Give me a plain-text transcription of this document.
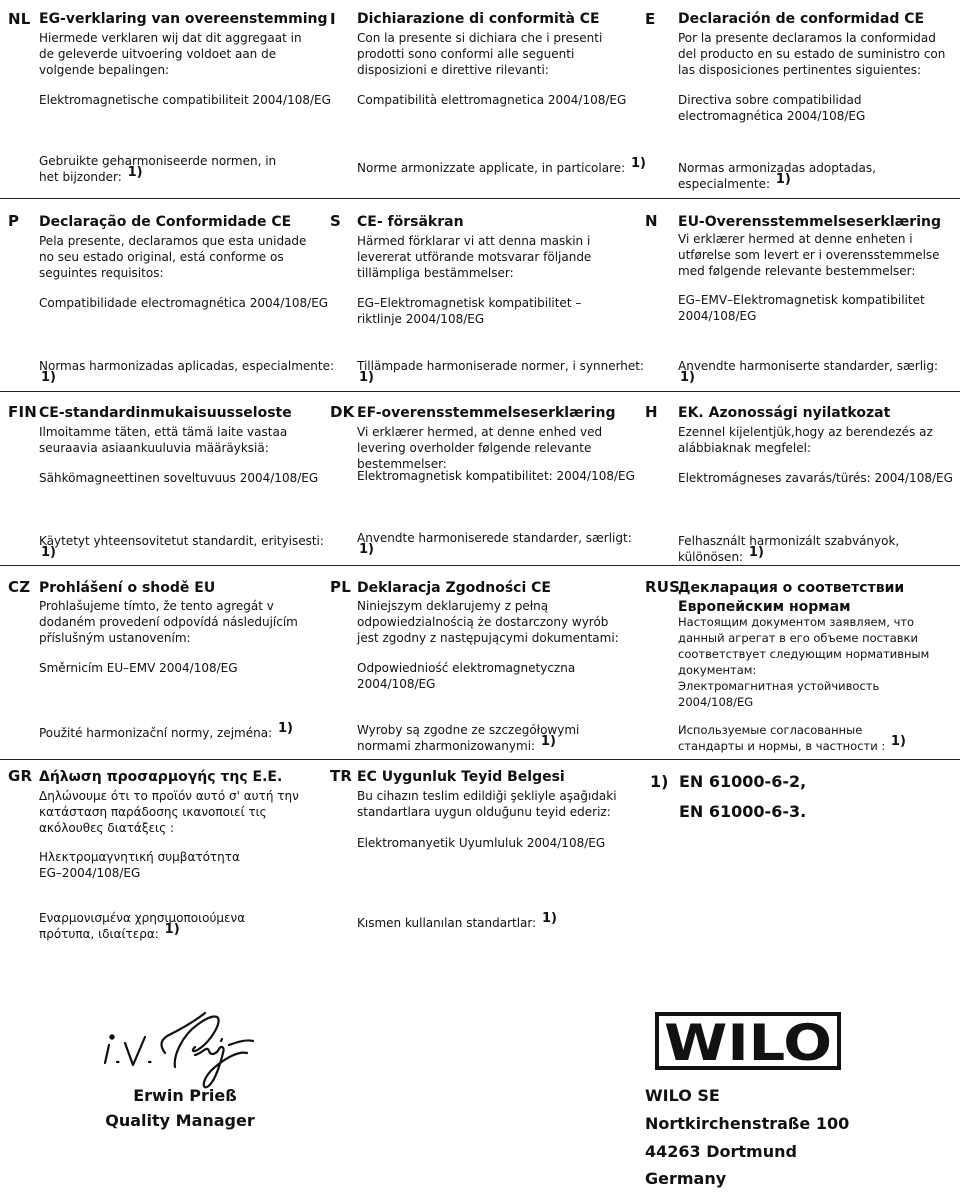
NL EG-verklaring van overeenstemming
Hiermede verklaren wij dat dit aggregaat in de geleverde uitvoering voldoet aan de volgende bepalingen:
Elektromagnetische compatibiliteit 2004/108/EG
Gebruikte geharmoniseerde normen, in het bijzonder: 1)
I Dichiarazione di conformità CE
Con la presente si dichiara che i presenti prodotti sono conformi alle seguenti disposizioni e direttive rilevanti:
Compatibilità elettromagnetica 2004/108/EG
Norme armonizzate applicate, in particolare: 1)
E Declaración de conformidad CE
Por la presente declaramos la conformidad del producto en su estado de suministro con las disposiciones pertinentes siguientes:
Directiva sobre compatibilidad electromagnética 2004/108/EG
Normas armonizadas adoptadas, especialmente: 1)
P Declaração de Conformidade CE
Pela presente, declaramos que esta unidade no seu estado original, está conforme os seguintes requisitos:
Compatibilidade electromagnética 2004/108/EG
Normas harmonizadas aplicadas, especialmente: 1)
S CE- försäkran
Härmed förklarar vi att denna maskin i levererat utförande motsvarar följande tillämpliga bestämmelser:
EG–Elektromagnetisk kompatibilitet – riktlinje 2004/108/EG
Tillämpade harmoniserade normer, i synnerhet: 1)
N EU-Overensstemmelseserklæring
Vi erklærer hermed at denne enheten i utførelse som levert er i overensstemmelse med følgende relevante bestemmelser:
EG–EMV–Elektromagnetisk kompatibilitet 2004/108/EG
Anvendte harmoniserte standarder, særlig: 1)
FIN CE-standardinmukaisuusseloste
Ilmoitamme täten, että tämä laite vastaa seuraavia asiaankuuluvia määräyksiä:
Sähkömagneettinen soveltuvuus 2004/108/EG
Käytetyt yhteensovitetut standardit, erityisesti: 1)
DK EF-overensstemmelseserklæring
Vi erklærer hermed, at denne enhed ved levering overholder følgende relevante bestemmelser:
Elektromagnetisk kompatibilitet: 2004/108/EG
Anvendte harmoniserede standarder, særligt: 1)
H EK. Azonossági nyilatkozat
Ezennel kijelentjük,hogy az berendezés az alábbiaknak megfelel:
Elektromágneses zavarás/türés: 2004/108/EG
Felhasznált harmonizált szabványok, különösen: 1)
CZ Prohlášení o shodě EU
Prohlašujeme tímto, že tento agregát v dodaném provedení odpovídá následujícím příslušným ustanovením:
Směrnicím EU–EMV 2004/108/EG
Použité harmonizační normy, zejména: 1)
PL Deklaracja Zgodności CE
Niniejszym deklarujemy z pełną odpowiedzialnością że dostarczony wyrób jest zgodny z następującymi dokumentami:
Odpowiedniość elektromagnetyczna 2004/108/EG
Wyroby są zgodne ze szczegółowymi normami zharmonizowanymi: 1)
RUS
Декларация о соответствии
Европейским нормам
Настоящим документом заявляем, что данный агрегат в его объеме поставки соответствует следующим нормативным документам:
Электромагнитная устойчивость 2004/108/EG
Используемые согласованные стандарты и нормы, в частности : 1)
GR Δήλωση προσαρμογής της Ε.Ε.
Δηλώνουμε ότι το προϊόν αυτό σ' αυτή την κατάσταση παράδοσης ικανοποιεί τις ακόλουθες διατάξεις :
Ηλεκτρομαγνητική συμβατότητα EG–2004/108/EG
Εναρμονισμένα χρησιμοποιούμενα πρότυπα, ιδιαίτερα: 1)
TR EC Uygunluk Teyid Belgesi
Bu cihazın teslim edildiği şekliyle aşağıdaki standartlara uygun olduğunu teyid ederiz:
Elektromanyetik Uyumluluk 2004/108/EG
Kısmen kullanılan standartlar: 1)
1) EN 61000-6-2,
EN 61000-6-3.
Erwin Prieß
Quality Manager
WILO
WILO SE
Nortkirchenstraße 100
44263 Dortmund
Germany
